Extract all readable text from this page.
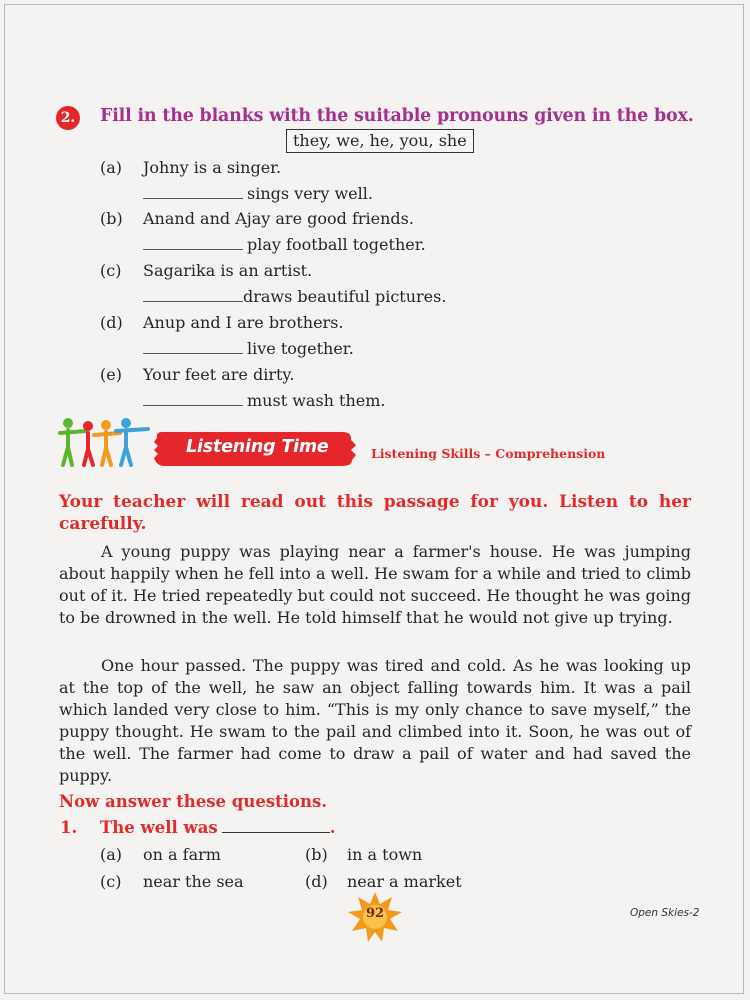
2. Fill in the blanks with the suitable pronouns given in the box.
they, we, he, you, she
(a) Johny is a singer.
sings very well.
(b) Anand and Ajay are good friends.
play football together.
(c) Sagarika is an artist.
draws beautiful pictures.
(d) Anup and I are brothers.
live together.
(e) Your feet are dirty.
must wash them.
Listening Time	Listening Skills – Comprehension
Your teacher will read out this passage for you. Listen to her carefully.
A young puppy was playing near a farmer's house. He was jumping about happily when he fell into a well. He swam for a while and tried to climb out of it. He tried repeatedly but could not succeed. He thought he was going to be drowned in the well. He told himself that he would not give up trying.
One hour passed. The puppy was tired and cold. As he was looking up at the top of the well, he saw an object falling towards him. It was a pail which landed very close to him. “This is my only chance to save myself,” the puppy thought. He swam to the pail and climbed into it. Soon, he was out of the well. The farmer had come to draw a pail of water and had saved the puppy.
Now answer these questions.
1. The well was	.
(a) on a farm	(b) in a town
(c) near the sea	(d) near a market
92	Open Skies-2
